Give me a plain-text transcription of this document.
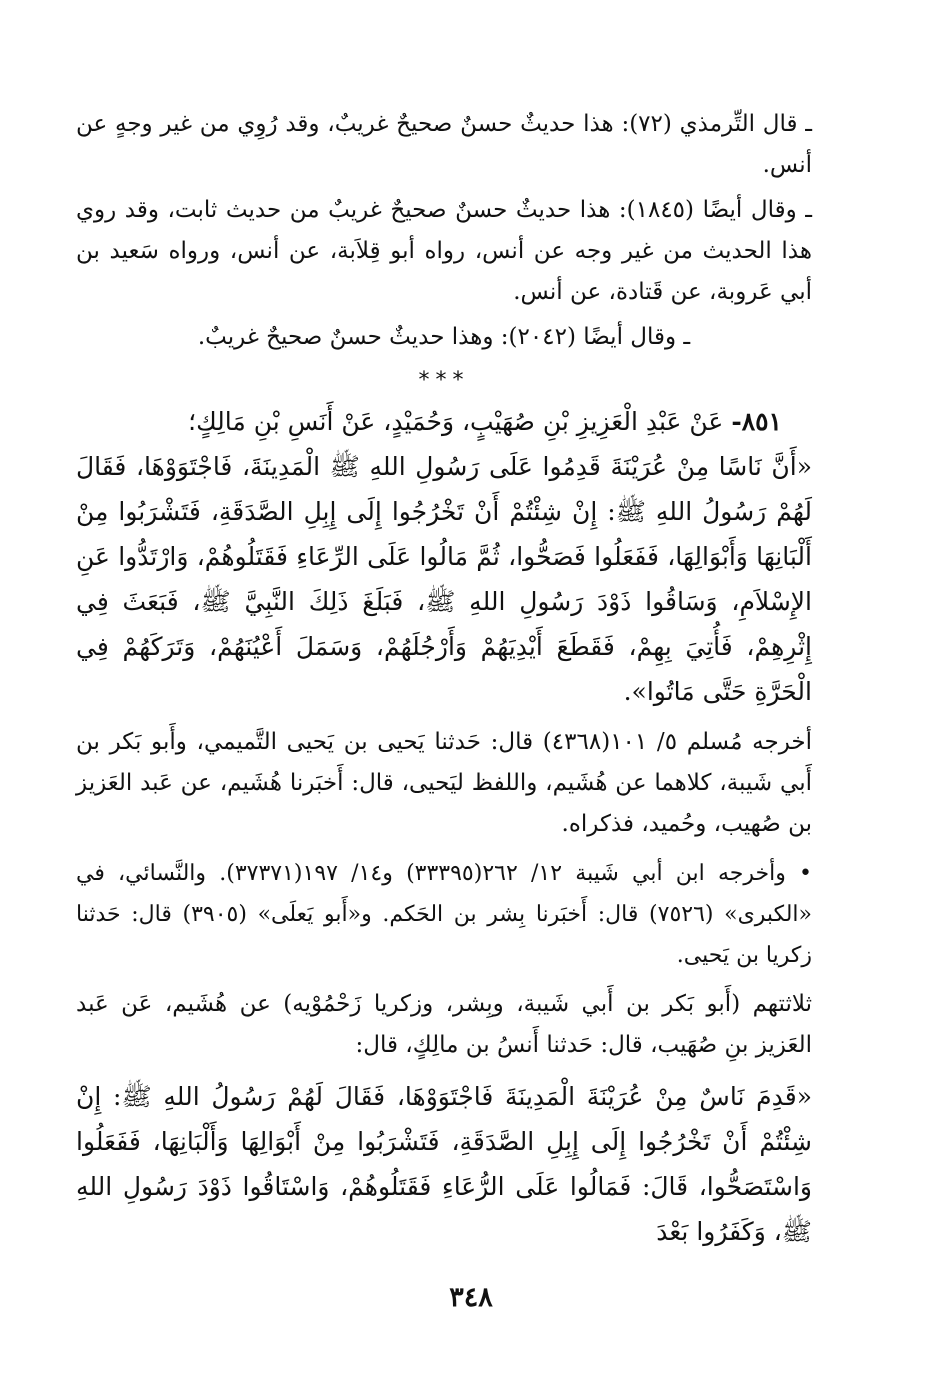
ـ قال التِّرمذي (٧٢): هذا حديثٌ حسنٌ صحيحٌ غريبٌ، وقد رُوِي من غير وجهٍ عن أنس.

ـ وقال أيضًا (١٨٤٥): هذا حديثٌ حسنٌ صحيحٌ غريبٌ من حديث ثابت، وقد روي هذا الحديث من غير وجه عن أنس، رواه أبو قِلاَبة، عن أنس، ورواه سَعيد بن أبي عَروبة، عن قَتادة، عن أنس.

ـ وقال أيضًا (٢٠٤٢): وهذا حديثٌ حسنٌ صحيحٌ غريبٌ.

***
٨٥١- عَنْ عَبْدِ الْعَزِيزِ بْنِ صُهَيْبٍ، وَحُمَيْدٍ، عَنْ أَنَسِ بْنِ مَالِكٍ؛

«أَنَّ نَاسًا مِنْ عُرَيْنَةَ قَدِمُوا عَلَى رَسُولِ اللهِ ﷺ الْمَدِينَةَ، فَاجْتَوَوْهَا، فَقَالَ لَهُمْ رَسُولُ اللهِ ﷺ: إِنْ شِئْتُمْ أَنْ تَخْرُجُوا إِلَى إِبِلِ الصَّدَقَةِ، فَتَشْرَبُوا مِنْ أَلْبَانِهَا وَأَبْوَالِهَا، فَفَعَلُوا فَصَحُّوا، ثُمَّ مَالُوا عَلَى الرِّعَاءِ فَقَتَلُوهُمْ، وَارْتَدُّوا عَنِ الإِسْلاَمِ، وَسَاقُوا ذَوْدَ رَسُولِ اللهِ ﷺ، فَبَلَغَ ذَلِكَ النَّبِيَّ ﷺ، فَبَعَثَ فِي إِثْرِهِمْ، فَأُتِيَ بِهِمْ، فَقَطَعَ أَيْدِيَهُمْ وَأَرْجُلَهُمْ، وَسَمَلَ أَعْيُنَهُمْ، وَتَرَكَهُمْ فِي الْحَرَّةِ حَتَّى مَاتُوا».

أخرجه مُسلم ٥/ ١٠١(٤٣٦٨) قال: حَدثنا يَحيى بن يَحيى التَّميمي، وأَبو بَكر بن أَبي شَيبة، كلاهما عن هُشَيم، واللفظ ليَحيى، قال: أَخبَرنا هُشَيم، عن عَبد العَزيز بن صُهيب، وحُميد، فذكراه.

• وأخرجه ابن أبي شَيبة ١٢/ ٢٦٢(٣٣٣٩٥) و١٤/ ١٩٧(٣٧٣٧١). والنَّسائي، في «الكبرى» (٧٥٢٦) قال: أَخبَرنا بِشر بن الحَكم. و«أَبو يَعلَى» (٣٩٠٥) قال: حَدثنا زكريا بن يَحيى.

ثلاثتهم (أَبو بَكر بن أَبي شَيبة، وبِشر، وزكريا زَحْمُوْيه) عن هُشَيم، عَن عَبد العَزيز بنِ صُهَيب، قال: حَدثنا أَنسُ بن مالِكٍ، قال:

«قَدِمَ نَاسٌ مِنْ عُرَيْنَةَ الْمَدِينَةَ فَاجْتَوَوْهَا، فَقَالَ لَهُمْ رَسُولُ اللهِ ﷺ: إِنْ شِئْتُمْ أَنْ تَخْرُجُوا إِلَى إِبِلِ الصَّدَقَةِ، فَتَشْرَبُوا مِنْ أَبْوَالِهَا وَأَلْبَانِهَا، فَفَعَلُوا وَاسْتَصَحُّوا، قَالَ: فَمَالُوا عَلَى الرُّعَاءِ فَقَتَلُوهُمْ، وَاسْتَاقُوا ذَوْدَ رَسُولِ اللهِ ﷺ، وَكَفَرُوا بَعْدَ

٣٤٨
